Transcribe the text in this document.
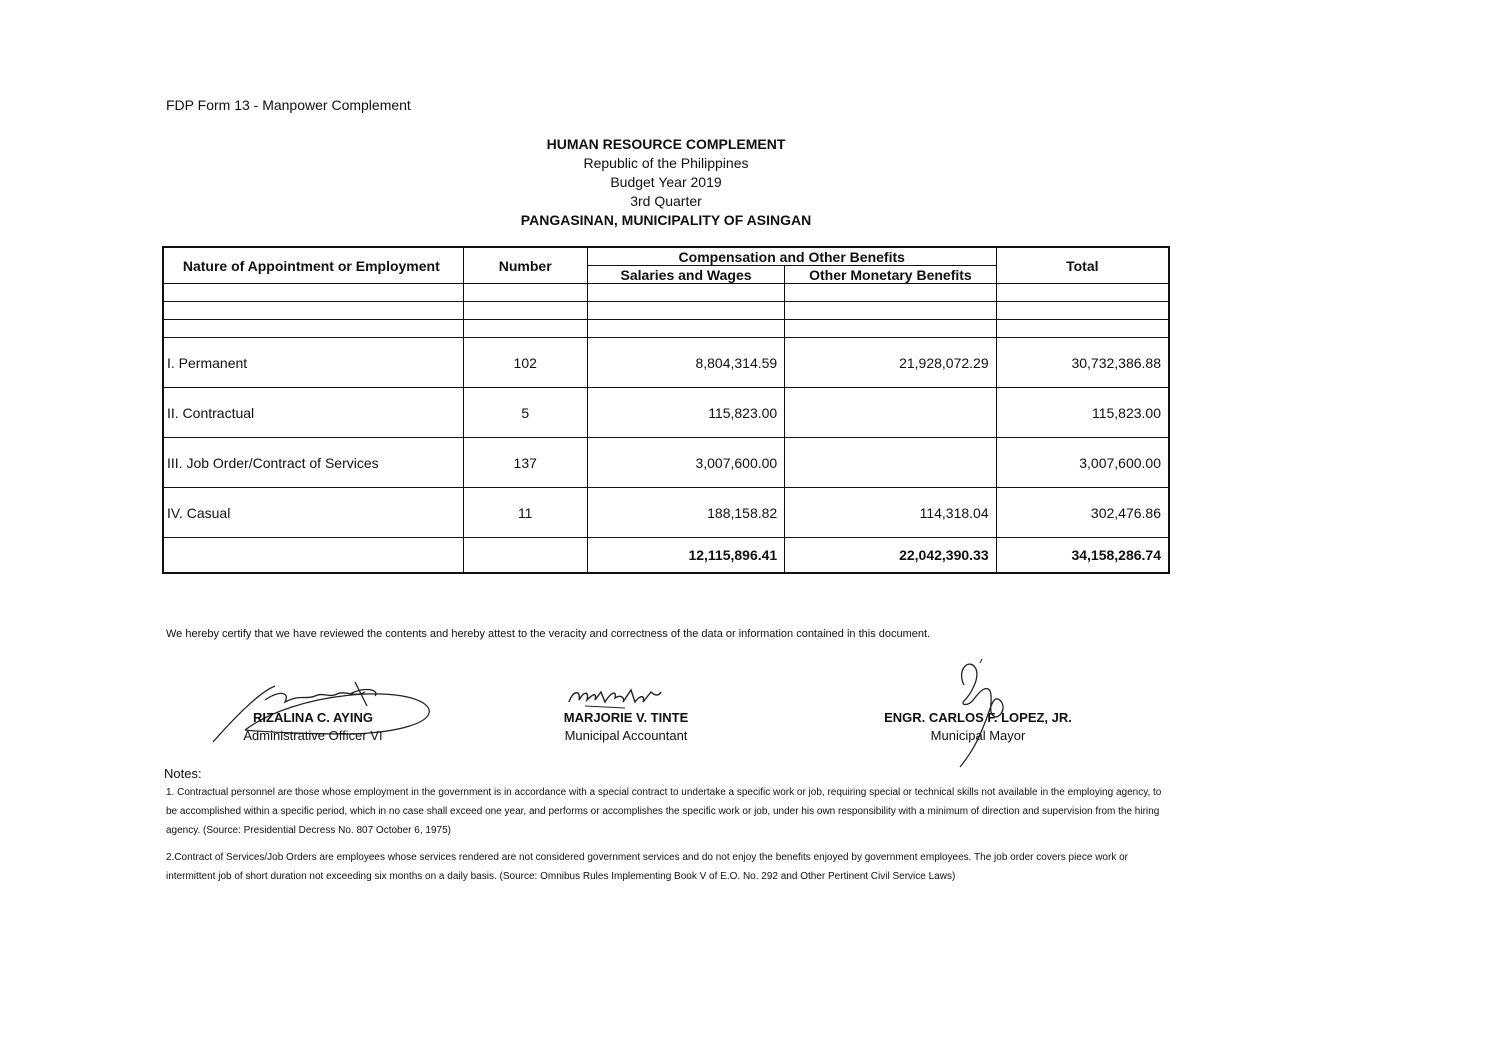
FDP Form 13 - Manpower Complement
HUMAN RESOURCE COMPLEMENT
Republic of the Philippines
Budget Year 2019
3rd Quarter
PANGASINAN, MUNICIPALITY OF ASINGAN
Nature of Appointment or Employment	Number	Compensation and Other Benefits		Total
		Salaries and Wages	Other Monetary Benefits	

I. Permanent	102	8,804,314.59	21,928,072.29	30,732,386.88
II. Contractual	5	115,823.00		115,823.00
III. Job Order/Contract of Services	137	3,007,600.00		3,007,600.00
IV. Casual	11	188,158.82	114,318.04	302,476.86
		12,115,896.41	22,042,390.33	34,158,286.74
We hereby certify that we have reviewed the contents and hereby attest to the veracity and correctness of the data or information contained in this document.
RIZALINA C. AYING
Administrative Officer VI
MARJORIE V. TINTE
Municipal Accountant
ENGR. CARLOS F. LOPEZ, JR.
Municipal Mayor
Notes:
1. Contractual personnel are those whose employment in the government is in accordance with a special contract to undertake a specific work or job, requiring special or technical skills not available in the employing agency, to be accomplished within a specific period, which in no case shall exceed one year, and performs or accomplishes the specific work or job, under his own responsibility with a minimum of direction and supervision from the hiring agency. (Source: Presidential Decress No. 807 October 6, 1975)
2.Contract of Services/Job Orders are employees whose services rendered are not considered government services and do not enjoy the benefits enjoyed by government employees. The job order covers piece work or intermittent job of short duration not exceeding six months on a daily basis. (Source: Omnibus Rules Implementing Book V of E.O. No. 292 and Other Pertinent Civil Service Laws)
